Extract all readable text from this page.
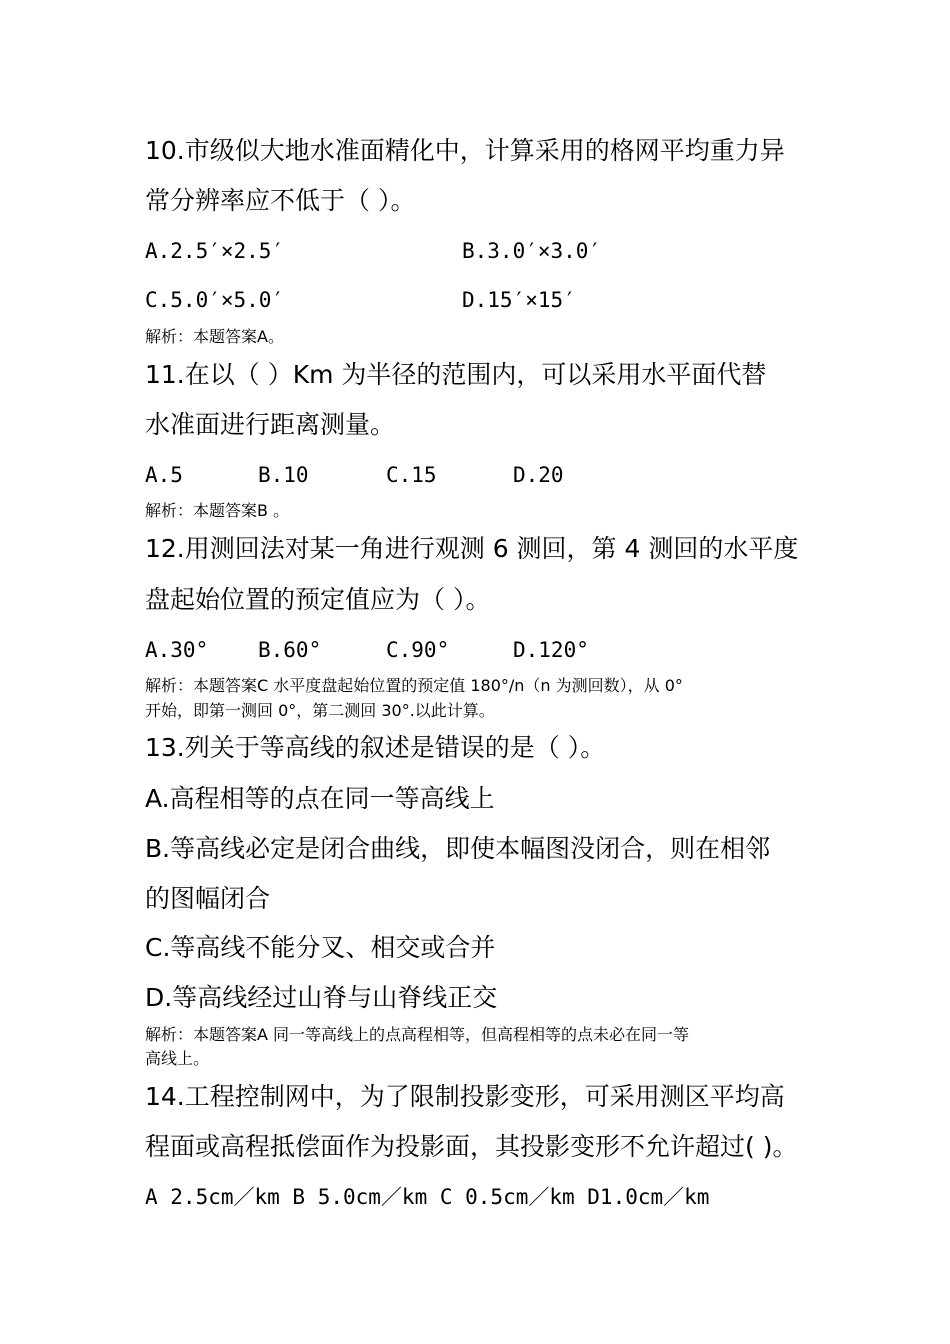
10.市级似大地水准面精化中，计算采用的格网平均重力异
常分辨率应不低于（ ）。
A.2.5′×2.5′	B.3.0′×3.0′
C.5.0′×5.0′	D.15′×15′
解析：本题答案A。
11.在以（ ）Km 为半径的范围内，可以采用水平面代替
水准面进行距离测量。
A.5	B.10	C.15	D.20
解析：本题答案B 。
12.用测回法对某一角进行观测 6 测回，第 4 测回的水平度
盘起始位置的预定值应为（ ）。
A.30° B.60°	C.90°	D.120°
解析：本题答案C 水平度盘起始位置的预定值 180°/n（n 为测回数），从 0°
开始，即第一测回 0°，第二测回 30°.以此计算。
13.列关于等高线的叙述是错误的是（ ）。
A.高程相等的点在同一等高线上
B.等高线必定是闭合曲线，即使本幅图没闭合，则在相邻
的图幅闭合
C.等高线不能分叉、相交或合并
D.等高线经过山脊与山脊线正交
解析：本题答案A 同一等高线上的点高程相等，但高程相等的点未必在同一等
高线上。
14.工程控制网中，为了限制投影变形，可采用测区平均高
程面或高程抵偿面作为投影面，其投影变形不允许超过( )。
A 2.5cm／km B 5.0cm／km C 0.5cm／km D1.0cm／km
